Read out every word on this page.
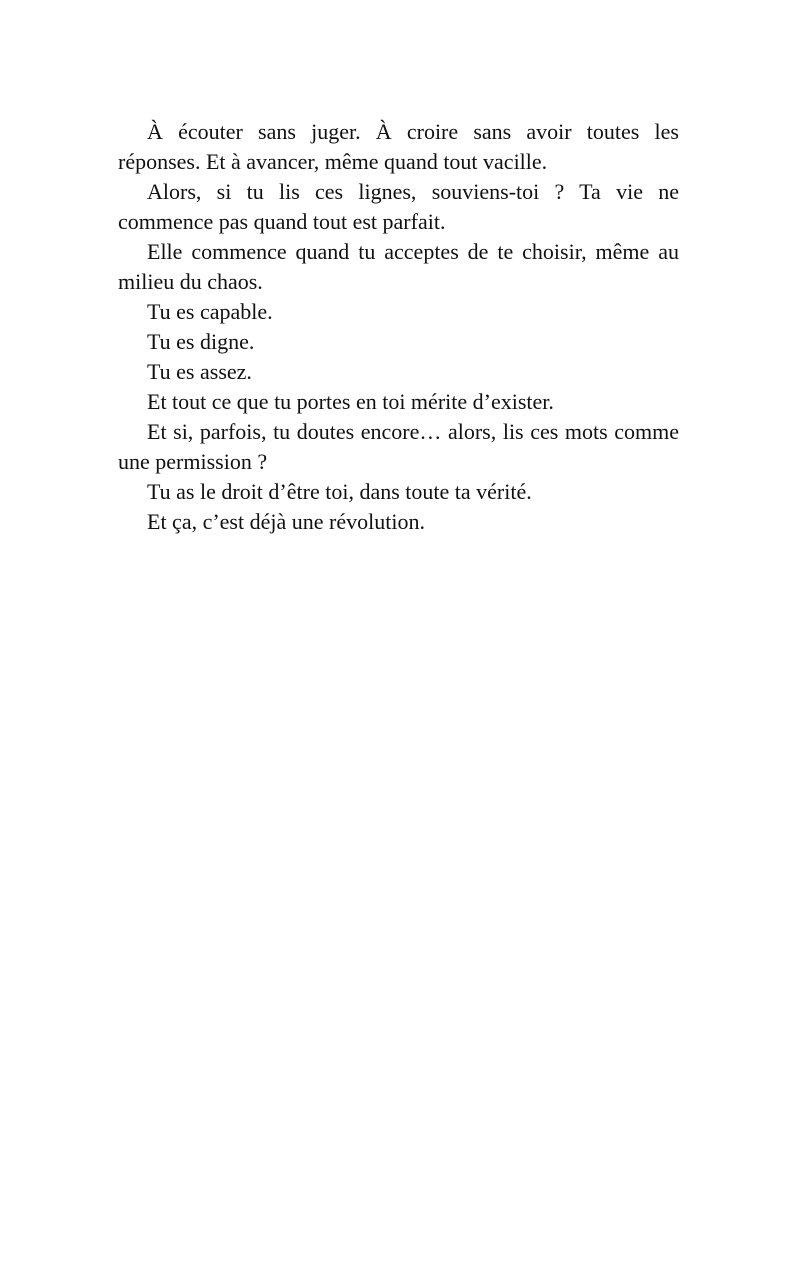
À écouter sans juger. À croire sans avoir toutes les réponses. Et à avancer, même quand tout vacille.

Alors, si tu lis ces lignes, souviens-toi ? Ta vie ne commence pas quand tout est parfait.

Elle commence quand tu acceptes de te choisir, même au milieu du chaos.

Tu es capable.

Tu es digne.

Tu es assez.

Et tout ce que tu portes en toi mérite d’exister.

Et si, parfois, tu doutes encore… alors, lis ces mots comme une permission ?

Tu as le droit d’être toi, dans toute ta vérité.

Et ça, c’est déjà une révolution.
